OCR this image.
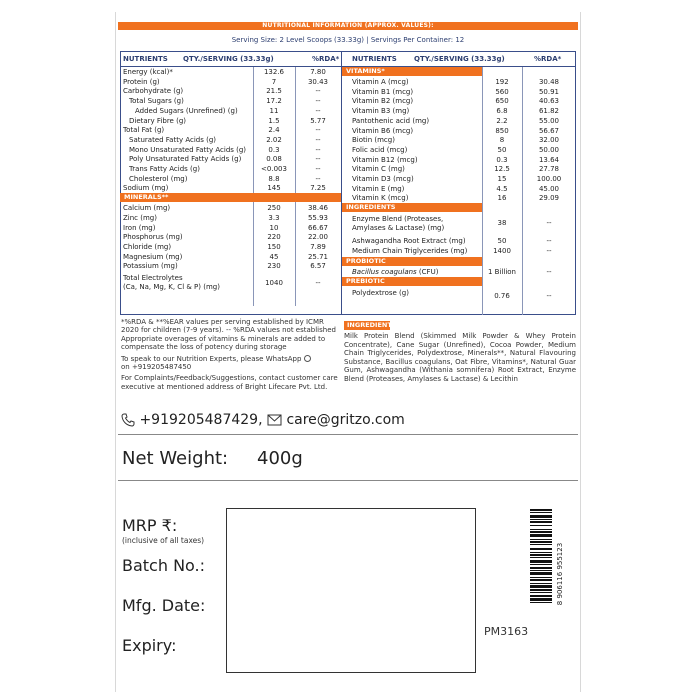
NUTRITIONAL INFORMATION (APPROX. VALUES):
Serving Size: 2 Level Scoops (33.33g) | Servings Per Container: 12
NUTRIENTS QTY./SERVING (33.33g)	%RDA*
Energy (kcal)*	132.6	7.80
Protein (g)	7	30.43
Carbohydrate (g)	21.5	--
Total Sugars (g)	17.2	--
Added Sugars (Unrefined) (g)	11	--
Dietary Fibre (g)	1.5	5.77
Total Fat (g)	2.4	--
Saturated Fatty Acids (g)	2.02	--
Mono Unsaturated Fatty Acids (g)	0.3	--
Poly Unsaturated Fatty Acids (g)	0.08	--
Trans Fatty Acids (g)	<0.003	--
Cholesterol (mg)	8.8	--
Sodium (mg)	145	7.25
MINERALS**
Calcium (mg)	250	38.46
Zinc (mg)	3.3	55.93
Iron (mg)	10	66.67
Phosphorus (mg)	220	22.00
Chloride (mg)	150	7.89
Magnesium (mg)	45	25.71
Potassium (mg)	230	6.57
Total Electrolytes
(Ca, Na, Mg, K, Cl & P) (mg)	1040	--
NUTRIENTS QTY./SERVING (33.33g)	%RDA*
VITAMINS*
Vitamin A (mcg)	192	30.48
Vitamin B1 (mcg)	560	50.91
Vitamin B2 (mcg)	650	40.63
Vitamin B3 (mg)	6.8	61.82
Pantothenic acid (mg)	2.2	55.00
Vitamin B6 (mcg)	850	56.67
Biotin (mcg)	8	32.00
Folic acid (mcg)	50	50.00
Vitamin B12 (mcg)	0.3	13.64
Vitamin C (mg)	12.5	27.78
Vitamin D3 (mcg)	15	100.00
Vitamin E (mg)	4.5	45.00
Vitamin K (mcg)	16	29.09
INGREDIENTS
Enzyme Blend (Proteases,
Amylases & Lactase) (mg)
38	--
Ashwagandha Root Extract (mg)	50	--
Medium Chain Triglycerides (mg)	1400	--
PROBIOTIC
Bacillus coagulans (CFU)	1 Billion	--
PREBIOTIC
Polydextrose (g)	0.76	--
*%RDA & **%EAR values per serving established by ICMR 2020 for children (7-9 years). -- %RDA values not established
Appropriate overages of vitamins & minerals are added to compensate the loss of potency during storage
To speak to our Nutrition Experts, please WhatsApp
on +919205487450
For Complaints/Feedback/Suggestions, contact customer care executive at mentioned address of Bright Lifecare Pvt. Ltd.
INGREDIENTS
Milk Protein Blend (Skimmed Milk Powder & Whey Protein Concentrate), Cane Sugar (Unrefined), Cocoa Powder, Medium Chain Triglycerides, Polydextrose, Minerals**, Natural Flavouring Substance, Bacillus coagulans, Oat Fibre, Vitamins*, Natural Guar Gum, Ashwagandha (Withania somnifera) Root Extract, Enzyme Blend (Proteases, Amylases & Lactase) & Lecithin
+919205487429, care@gritzo.com
Net Weight: 400g
MRP ₹:
(inclusive of all taxes)
Batch No.:
Mfg. Date:
Expiry:
8 906116 955123
PM3163
